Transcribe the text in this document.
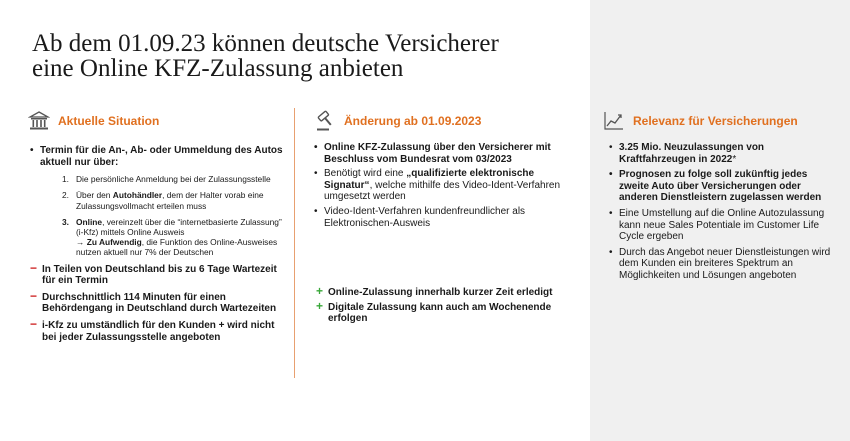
Ab dem 01.09.23 können deutsche Versicherer
eine Online KFZ-Zulassung anbieten
Aktuelle Situation
• Termin für die An-, Ab- oder Ummeldung des Autos aktuell nur über:
1. Die persönliche Anmeldung bei der Zulassungsstelle
2. Über den Autohändler, dem der Halter vorab eine Zulassungsvollmacht erteilen muss
3. Online, vereinzelt über die “internetbasierte Zulassung” (i-Kfz) mittels Online Ausweis
→ Zu Aufwendig, die Funktion des Online-Ausweises nutzen aktuell nur 7% der Deutschen
− In Teilen von Deutschland bis zu 6 Tage Wartezeit für ein Termin
− Durchschnittlich 114 Minuten für einen Behördengang in Deutschland durch Wartezeiten
− i-Kfz zu umständlich für den Kunden + wird nicht bei jeder Zulassungsstelle angeboten
Änderung ab 01.09.2023
• Online KFZ-Zulassung über den Versicherer mit Beschluss vom Bundesrat vom 03/2023
• Benötigt wird eine „qualifizierte elektronische Signatur“, welche mithilfe des Video-Ident-Verfahren umgesetzt werden
• Video-Ident-Verfahren kundenfreundlicher als Elektronischen-Ausweis
+ Online-Zulassung innerhalb kurzer Zeit erledigt
+ Digitale Zulassung kann auch am Wochenende erfolgen
Relevanz für Versicherungen
• 3.25 Mio. Neuzulassungen von Kraftfahrzeugen in 2022*
• Prognosen zu folge soll zukünftig jedes zweite Auto über Versicherungen oder anderen Dienstleistern zugelassen werden
• Eine Umstellung auf die Online Autozulassung kann neue Sales Potentiale im Customer Life Cycle ergeben
• Durch das Angebot neuer Dienstleistungen wird dem Kunden ein breiteres Spektrum an Möglichkeiten und Lösungen angeboten
